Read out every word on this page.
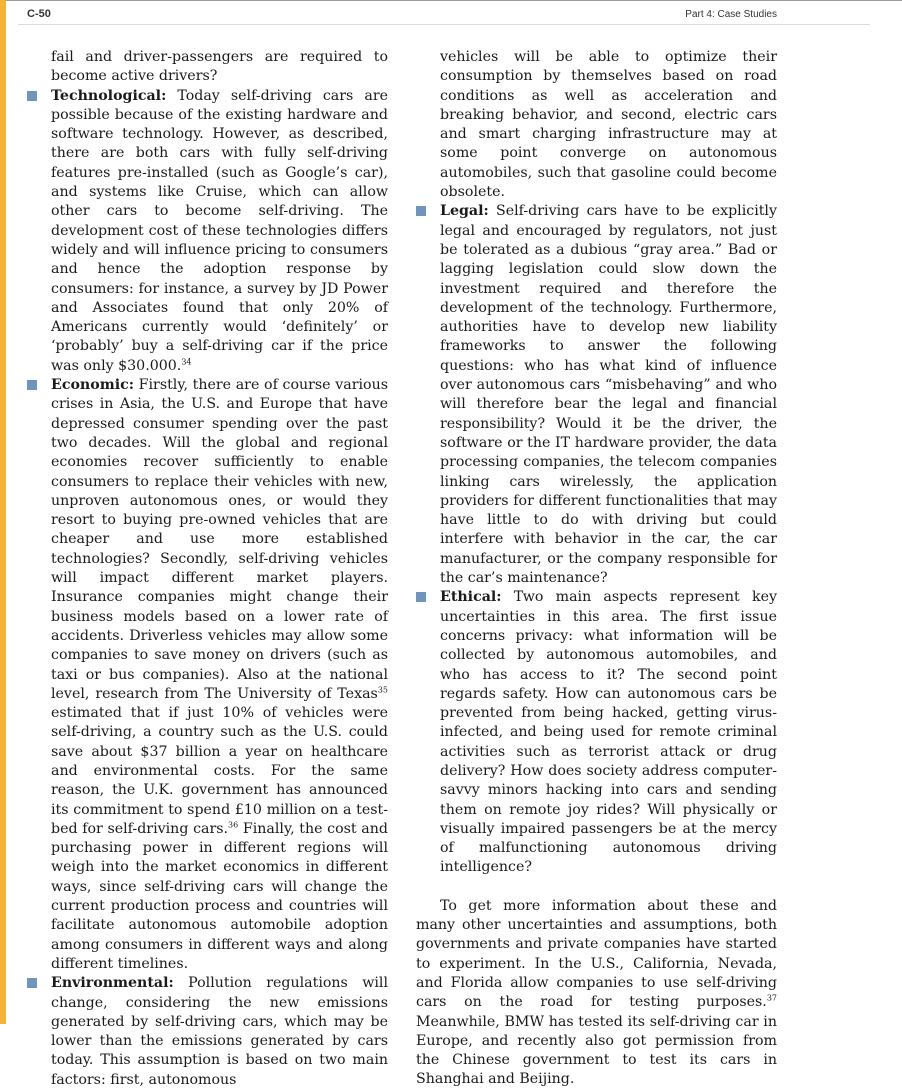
C-50	Part 4: Case Studies

fail and driver-passengers are required to become active drivers?

Technological: Today self-driving cars are possible because of the existing hardware and software technology. However, as described, there are both cars with fully self-driving features pre-installed (such as Google’s car), and systems like Cruise, which can allow other cars to become self-driving. The development cost of these technologies differs widely and will influence pricing to consumers and hence the adoption response by consumers: for instance, a survey by JD Power and Associates found that only 20% of Americans currently would ‘definitely’ or ‘probably’ buy a self-driving car if the price was only $30.000.34

Economic: Firstly, there are of course various crises in Asia, the U.S. and Europe that have depressed consumer spending over the past two decades. Will the global and regional economies recover sufficiently to enable consumers to replace their vehicles with new, unproven autonomous ones, or would they resort to buying pre-owned vehicles that are cheaper and use more established technologies? Secondly, self-driving vehicles will impact different market players. Insurance companies might change their business models based on a lower rate of accidents. Driverless vehicles may allow some companies to save money on drivers (such as taxi or bus companies). Also at the national level, research from The University of Texas$^{35}$ estimated that if just 10% of vehicles were self-driving, a country such as the U.S. could save about $37 billion a year on healthcare and environmental costs. For the same reason, the U.K. government has announced its commitment to spend £10 million on a test-bed for self-driving cars.$^{36}$ Finally, the cost and purchasing power in different regions will weigh into the market economics in different ways, since self-driving cars will change the current production process and countries will facilitate autonomous automobile adoption among consumers in different ways and along different timelines.

Environmental: Pollution regulations will change, considering the new emissions generated by self-driving cars, which may be lower than the emissions generated by cars today. This assumption is based on two main factors: first, autonomous

vehicles will be able to optimize their consumption by themselves based on road conditions as well as acceleration and breaking behavior, and second, electric cars and smart charging infrastructure may at some point converge on autonomous automobiles, such that gasoline could become obsolete.

Legal: Self-driving cars have to be explicitly legal and encouraged by regulators, not just be tolerated as a dubious “gray area.” Bad or lagging legislation could slow down the investment required and therefore the development of the technology. Furthermore, authorities have to develop new liability frameworks to answer the following questions: who has what kind of influence over autonomous cars “misbehaving” and who will therefore bear the legal and financial responsibility? Would it be the driver, the software or the IT hardware provider, the data processing companies, the telecom companies linking cars wirelessly, the application providers for different functionalities that may have little to do with driving but could interfere with behavior in the car, the car manufacturer, or the company responsible for the car’s maintenance?

Ethical: Two main aspects represent key uncertainties in this area. The first issue concerns privacy: what information will be collected by autonomous automobiles, and who has access to it? The second point regards safety. How can autonomous cars be prevented from being hacked, getting virus-infected, and being used for remote criminal activities such as terrorist attack or drug delivery? How does society address computer-savvy minors hacking into cars and sending them on remote joy rides? Will physically or visually impaired passengers be at the mercy of malfunctioning autonomous driving intelligence?

To get more information about these and many other uncertainties and assumptions, both governments and private companies have started to experiment. In the U.S., California, Nevada, and Florida allow companies to use self-driving cars on the road for testing purposes.$^{37}$ Meanwhile, BMW has tested its self-driving car in Europe, and recently also got permission from the Chinese government to test its cars in Shanghai and Beijing.
